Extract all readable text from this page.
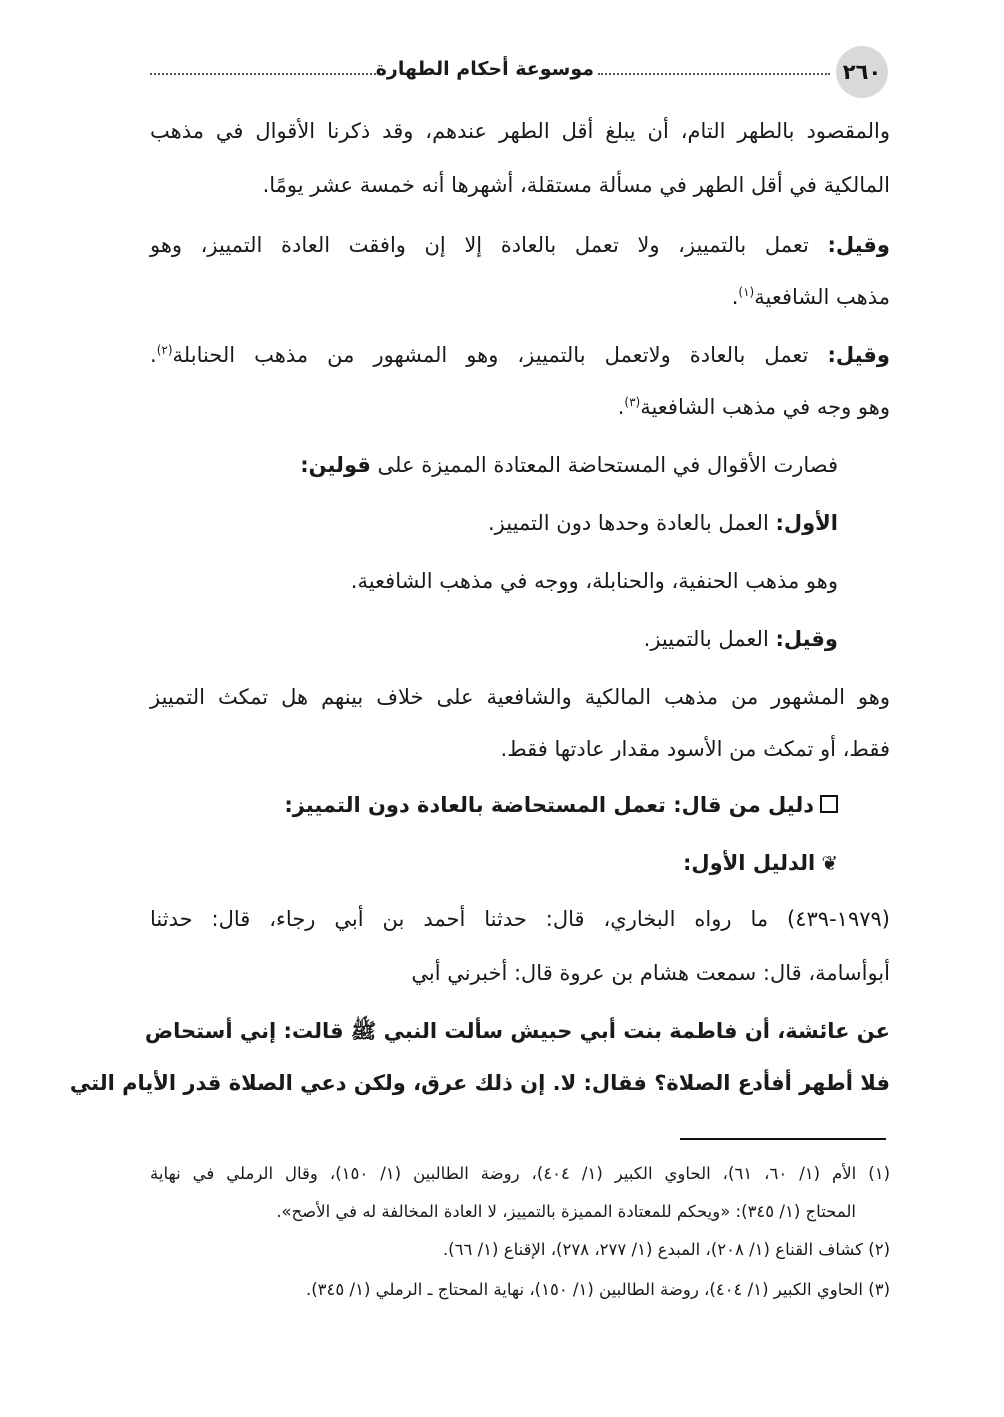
٢٦٠
موسوعة أحكام الطهارة
والمقصود بالطهر التام، أن يبلغ أقل الطهر عندهم، وقد ذكرنا الأقوال في مذهب
المالكية في أقل الطهر في مسألة مستقلة، أشهرها أنه خمسة عشر يومًا.
وقيل: تعمل بالتمييز، ولا تعمل بالعادة إلا إن وافقت العادة التمييز، وهو
مذهب الشافعية$^{(١)}$.
وقيل: تعمل بالعادة ولاتعمل بالتمييز، وهو المشهور من مذهب الحنابلة$^{(٢)}$.
وهو وجه في مذهب الشافعية$^{(٣)}$.
فصارت الأقوال في المستحاضة المعتادة المميزة على قولين:
الأول: العمل بالعادة وحدها دون التمييز.
وهو مذهب الحنفية، والحنابلة، ووجه في مذهب الشافعية.
وقيل: العمل بالتمييز.
وهو المشهور من مذهب المالكية والشافعية على خلاف بينهم هل تمكث التمييز
فقط، أو تمكث من الأسود مقدار عادتها فقط.
دليل من قال: تعمل المستحاضة بالعادة دون التمييز:
❦الدليل الأول:
(١٩٧٩-٤٣٩) ما رواه البخاري، قال: حدثنا أحمد بن أبي رجاء، قال: حدثنا
أبوأسامة، قال: سمعت هشام بن عروة قال: أخبرني أبي
عن عائشة، أن فاطمة بنت أبي حبيش سألت النبي ﷺ قالت: إني أستحاض
فلا أطهر أفأدع الصلاة؟ فقال: لا. إن ذلك عرق، ولكن دعي الصلاة قدر الأيام التي
(١) الأم (١/ ٦٠، ٦١)، الحاوي الكبير (١/ ٤٠٤)، روضة الطالبين (١/ ١٥٠)، وقال الرملي في نهاية
المحتاج (١/ ٣٤٥): «ويحكم للمعتادة المميزة بالتمييز، لا العادة المخالفة له في الأصح».
(٢) كشاف القناع (١/ ٢٠٨)، المبدع (١/ ٢٧٧، ٢٧٨)، الإقناع (١/ ٦٦).
(٣) الحاوي الكبير (١/ ٤٠٤)، روضة الطالبين (١/ ١٥٠)، نهاية المحتاج ـ الرملي (١/ ٣٤٥).
